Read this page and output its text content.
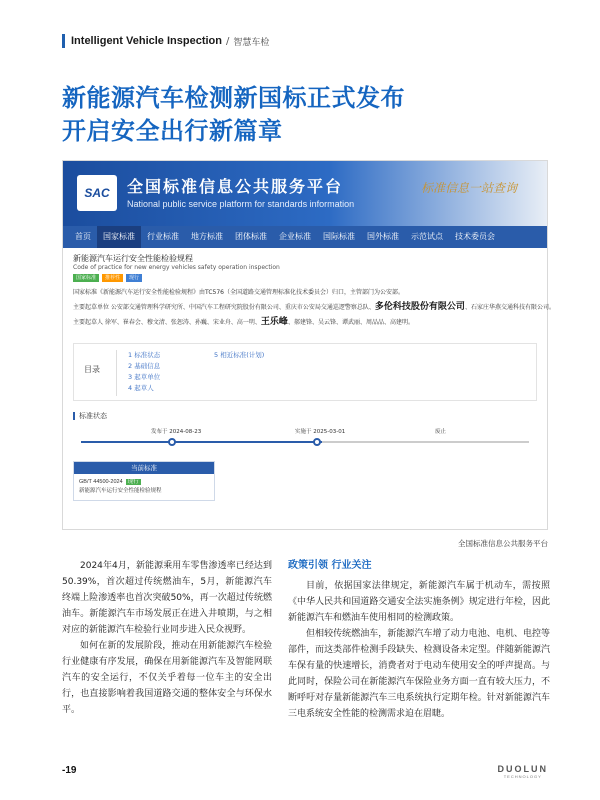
Intelligent Vehicle Inspection / 智慧车检
新能源汽车检测新国标正式发布
开启安全出行新篇章
SAC 全国标准信息公共服务平台
National public service platform for standards information
标准信息一站查询
首页	国家标准	行业标准	地方标准	团体标准	企业标准	国际标准	国外标准	示范试点	技术委员会
新能源汽车运行安全性能检验规程
Code of practice for new energy vehicles safety operation inspection
国家标准	推荐性	现行

国家标准《新能源汽车运行安全性能检验规程》由TC576（全国道路交通管理标准化技术委员会）归口，主管部门为公安部。

主要起草单位 公安部交通管理科学研究所、中国汽车工程研究院股份有限公司、重庆市公安局交通巡逻警察总队、多伦科技股份有限公司、石家庄华燕交通科技有限公司。

主要起草人 徐军、崔春会、穆文清、张恕涛、孙巍、宋业舟、高一明、王乐峰、郝建锋、吴云锋、谭武丽、周品品、高建明。

目录
1 标准状态
2 基础信息
3 起草单位
4 起草人
5 相近标准(计划)
标准状态
发布于 2024-08-23	实施于 2025-03-01	废止
当前标准
GB/T 44500-2024 现行
新能源汽车运行安全性能检验规程
全国标准信息公共服务平台

2024年4月，新能源乘用车零售渗透率已经达到50.39%，首次超过传统燃油车，5月，新能源汽车终端上险渗透率也首次突破50%，再一次超过传统燃油车。新能源汽车市场发展正在进入井喷期，与之相对应的新能源汽车检验行业同步进入民众视野。

如何在新的发展阶段，推动在用新能源汽车检验行业健康有序发展，确保在用新能源汽车及智能网联汽车的安全运行，不仅关乎着每一位车主的安全出行，也直接影响着我国道路交通的整体安全与环保水平。

政策引领 行业关注

目前，依据国家法律规定，新能源汽车属于机动车，需按照《中华人民共和国道路交通安全法实施条例》规定进行年检，因此新能源汽车和燃油车使用相同的检测政策。

但相较传统燃油车，新能源汽车增了动力电池、电机、电控等部件，而这类部件检测手段缺失、检测设备未定型。伴随新能源汽车保有量的快速增长，消费者对于电动车使用安全的呼声提高。与此同时，保险公司在新能源汽车保险业务方面一直有较大压力，不断呼吁对存量新能源汽车三电系统执行定期年检。针对新能源汽车三电系统安全性能的检测需求迫在眉睫。

-19	DUOLUN
TECHNOLOGY
